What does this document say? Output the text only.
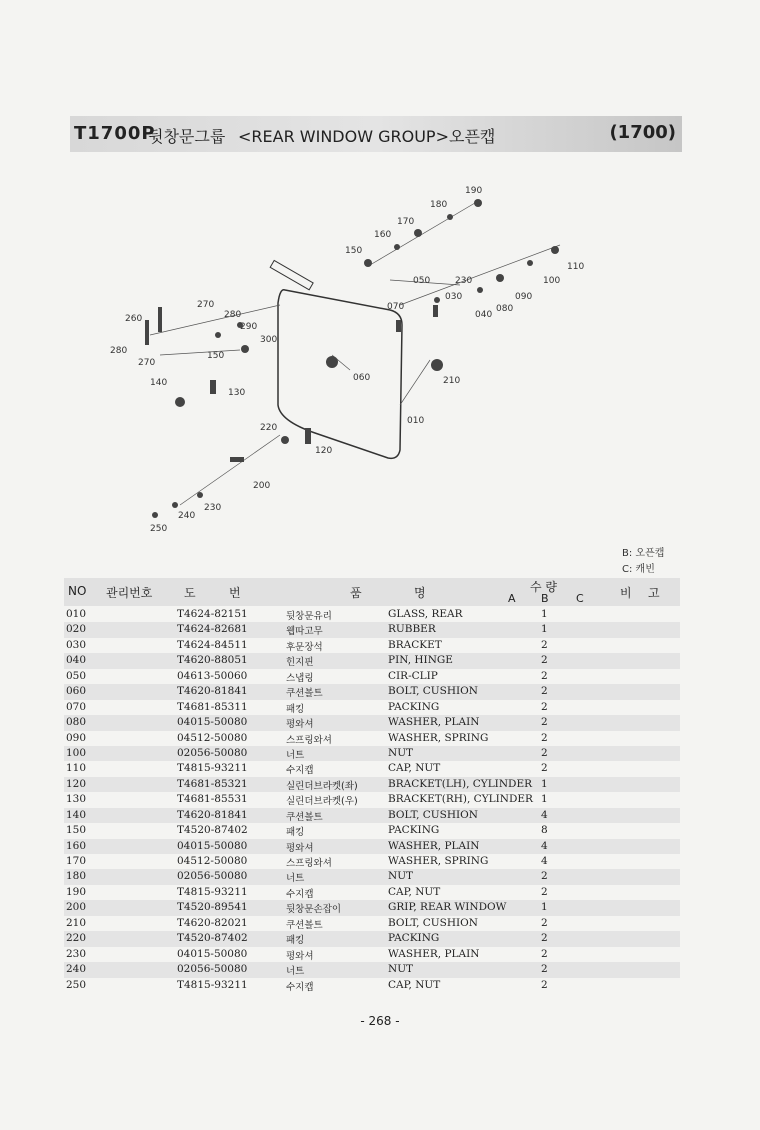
T1700P
뒷창문그룹 <REAR WINDOW GROUP>오픈캡	(1700)
190
180
170
160
150
110
100
050	230
090
030
080
070
040
270
280
260
290
300
280	150
270
140
130
060	210
010
220
120
200
230
240
250
B: 오픈캡
C: 캐빈
NO 관리번호	도	번	품	명	수 량
A B C	비 고
010	T4624-82151	뒷창문유리	GLASS, REAR	1
020	T4624-82681	웹따고무	RUBBER	1
030	T4624-84511	후문장석	BRACKET	2
040	T4620-88051	힌지핀	PIN, HINGE	2
050	04613-50060	스냅링	CIR-CLIP	2
060	T4620-81841	쿠션볼트	BOLT, CUSHION	2
070	T4681-85311	패킹	PACKING	2
080	04015-50080	평와셔	WASHER, PLAIN	2
090	04512-50080	스프링와셔	WASHER, SPRING	2
100	02056-50080	너트	NUT	2
110	T4815-93211	수지캡	CAP, NUT	2
120	T4681-85321	실린더브라켓(좌)	BRACKET(LH), CYLINDER 1
130	T4681-85531	실린더브라켓(우)	BRACKET(RH), CYLINDER 1
140	T4620-81841	쿠션볼트	BOLT, CUSHION	4
150	T4520-87402	패킹	PACKING	8
160	04015-50080	평와셔	WASHER, PLAIN	4
170	04512-50080	스프링와셔	WASHER, SPRING	4
180	02056-50080	너트	NUT	2
190	T4815-93211	수지캡	CAP, NUT	2
200	T4520-89541	뒷창문손잡이	GRIP, REAR WINDOW	1
210	T4620-82021	쿠션볼트	BOLT, CUSHION	2
220	T4520-87402	패킹	PACKING	2
230	04015-50080	평와셔	WASHER, PLAIN	2
240	02056-50080	너트	NUT	2
250	T4815-93211	수지캡	CAP, NUT	2
- 268 -
